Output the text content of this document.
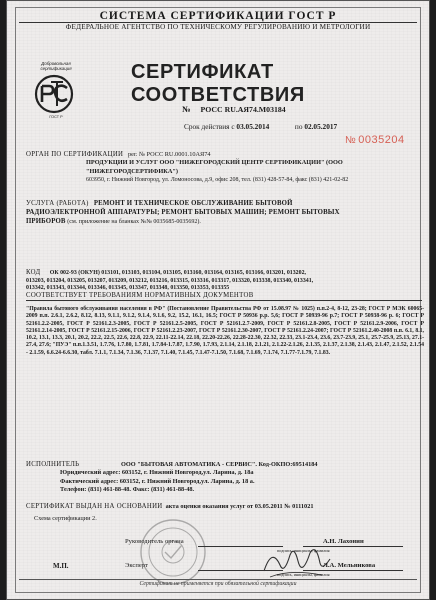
СИСТЕМА СЕРТИФИКАЦИИ ГОСТ Р
ФЕДЕРАЛЬНОЕ АГЕНТСТВО ПО ТЕХНИЧЕСКОМУ РЕГУЛИРОВАНИЮ И МЕТРОЛОГИИ
Добровольная сертификация
ГОСТ Р
СЕРТИФИКАТ СООТВЕТСТВИЯ
№ РОСС RU.АЯ74.М03184
Срок действия с 03.05.2014	по 02.05.2017
№ 0035204
ОРГАН ПО СЕРТИФИКАЦИИ рег. № РОСС RU.0001.10АЯ74
ПРОДУКЦИИ И УСЛУГ ООО "НИЖЕГОРОДСКИЙ ЦЕНТР СЕРТИФИКАЦИИ" (ООО
"НИЖЕГОРОДСЕРТИФИКА")
603950, г. Нижний Новгород, ул. Ломоносова, д.9, офис 208, тел. (831) 428-57-84, факс (831) 421-02-82
УСЛУГА (РАБОТА) РЕМОНТ И ТЕХНИЧЕСКОЕ ОБСЛУЖИВАНИЕ БЫТОВОЙ
РАДИОЭЛЕКТРОННОЙ АППАРАТУРЫ; РЕМОНТ БЫТОВЫХ МАШИН; РЕМОНТ БЫТОВЫХ
ПРИБОРОВ (см. приложение на бланках №№ 0035685-0035692).
КОД ОК 002-93 (ОКУН) 013101, 013103, 013104, 013105, 013160, 013164, 013165, 013166, 013201, 013202,
013203, 013204, 013205, 013207, 013209, 013212, 013216, 013315, 013316, 013317, 013320, 013338, 013340, 013341,
013342, 013343, 013344, 013346, 013345, 013347, 013348, 013350, 013353, 013355
СООТВЕТСТВУЕТ ТРЕБОВАНИЯМ НОРМАТИВНЫХ ДОКУМЕНТОВ
"Правила бытового обслуживания населения в РФ" (Постановление Правительства РФ от 15.08.97 № 1025) п.п.2-4, 8-12, 23-28; ГОСТ Р МЭК 60065-2009 п.п. 2.6.1, 2.6.2, 8.12, 8.13, 9.1.1, 9.1.2, 9.1.4, 9.1.6, 9.2, 15.2, 16.1, 16.5; ГОСТ Р 50936 р.р. 5,6; ГОСТ Р 50939-96 р.7; ГОСТ Р 50938-96 р. 6; ГОСТ Р 52161.2.2-2005, ГОСТ Р 52161.2.3-2005, ГОСТ Р 52161.2.5-2005, ГОСТ Р 52161.2.7-2009, ГОСТ Р 52161.2.8-2005, ГОСТ Р 52161.2.9-2006, ГОСТ Р 52161.2.14-2005, ГОСТ Р 52161.2.15-2006, ГОСТ Р 52161.2.23-2007, ГОСТ Р 52161.2.30-2007, ГОСТ Р 52161.2.24-2007; ГОСТ Р 52161.2.40-2008 п.п. 6.1, 8.1, 10.2, 13.1, 13.3, 20.1, 20.2, 22.2, 22.5, 22.6, 22.8, 22.9, 22.11-22.14, 22.18, 22.20-22.26, 22.28-22.30, 22.32, 22.33, 23.1-23.4, 23.6, 23.7-23.9, 25.1, 25.7-25.9, 25.13, 27.1-27.4, 27.6; "ПУЭ" п.п.1.3.51, 1.7.76, 1.7.80, 1.7.81, 1.7.84-1.7.87, 1.7.90, 1.7.93, 2.1.14, 2.1.18, 2.1.21, 2.1.22-2.1.26, 2.1.35, 2.1.37, 2.1.38, 2.1.43, 2.1.47, 2.1.52, 2.1.54 - 2.1.59, 6.6.24-6.6.30, табл. 7.1.1, 7.1.34, 7.1.36, 7.1.37, 7.1.40, 7.1.45, 7.1.47-7.1.50, 7.1.68, 7.1.69, 7.1.74, 7.1.77-7.1.79, 7.1.83.
ИСПОЛНИТЕЛЬ	ООО "БЫТОВАЯ АВТОМАТИКА - СЕРВИС". Код-ОКПО:69514184
Юридический адрес: 603152, г. Нижний Новгород,ул. Ларина, д. 18а
Фактический адрес: 603152, г. Нижний Новгород,ул. Ларина, д. 18 а.
Телефон: (831) 461-88-48. Факс: (831) 461-88-48.
СЕРТИФИКАТ ВЫДАН НА ОСНОВАНИИ акта оценки оказания услуг от 03.05.2011 № 0111021
Схема сертификации 2.
М.П.
Руководитель органа	А.Н. Лахонин
подпись, инициалы, фамилия
Эксперт	Л.А. Мельникова
подпись, инициалы, фамилия
Сертификат не применяется при обязательной сертификации
